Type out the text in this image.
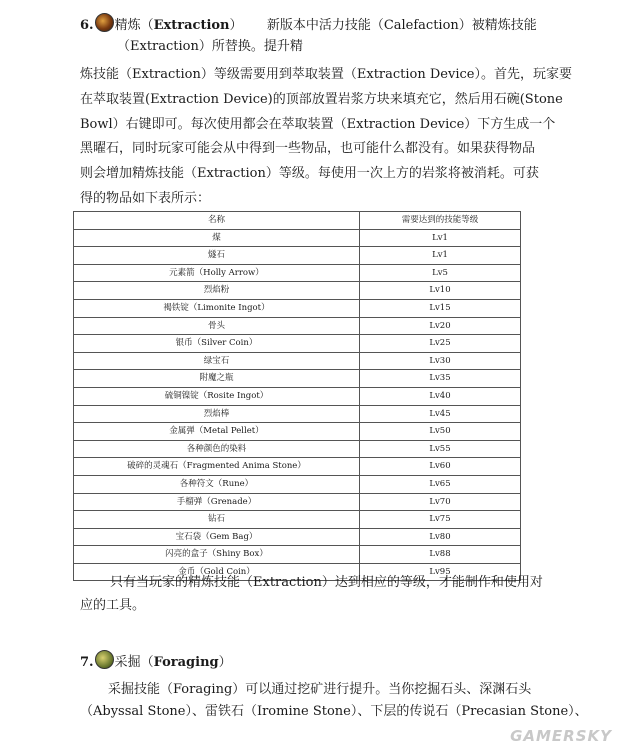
6. 精炼（Extraction） 新版本中活力技能（Calefaction）被精炼技能
（Extraction）所替换。提升精
炼技能（Extraction）等级需要用到萃取装置（Extraction Device）。首先，玩家要
在萃取装置(Extraction Device)的顶部放置岩浆方块来填充它，然后用石碗(Stone
Bowl）右键即可。每次使用都会在萃取装置（Extraction Device）下方生成一个
黑曜石，同时玩家可能会从中得到一些物品，也可能什么都没有。如果获得物品
则会增加精炼技能（Extraction）等级。每使用一次上方的岩浆将被消耗。可获
得的物品如下表所示：
名称	需要达到的技能等级
煤	Lv1
燧石	Lv1
元素箭（Holly Arrow）	Lv5
烈焰粉	Lv10
褐铁锭（Limonite Ingot）	Lv15
骨头	Lv20
银币（Silver Coin）	Lv25
绿宝石	Lv30
附魔之瓶	Lv35
硫铜镍锭（Rosite Ingot）	Lv40
烈焰棒	Lv45
金属弹（Metal Pellet）	Lv50
各种颜色的染料	Lv55
破碎的灵魂石（Fragmented Anima Stone）	Lv60
各种符文（Rune）	Lv65
手榴弹（Grenade）	Lv70
钻石	Lv75
宝石袋（Gem Bag）	Lv80
闪亮的盒子（Shiny Box）	Lv88
金币（Gold Coin）	Lv95
只有当玩家的精炼技能（Extraction）达到相应的等级，才能制作和使用对
应的工具。
7. 采掘（Foraging）
采掘技能（Foraging）可以通过挖矿进行提升。当你挖掘石头、深渊石头
（Abyssal Stone）、雷铁石（Iromine Stone）、下层的传说石（Precasian Stone）、
GAMERSKY
